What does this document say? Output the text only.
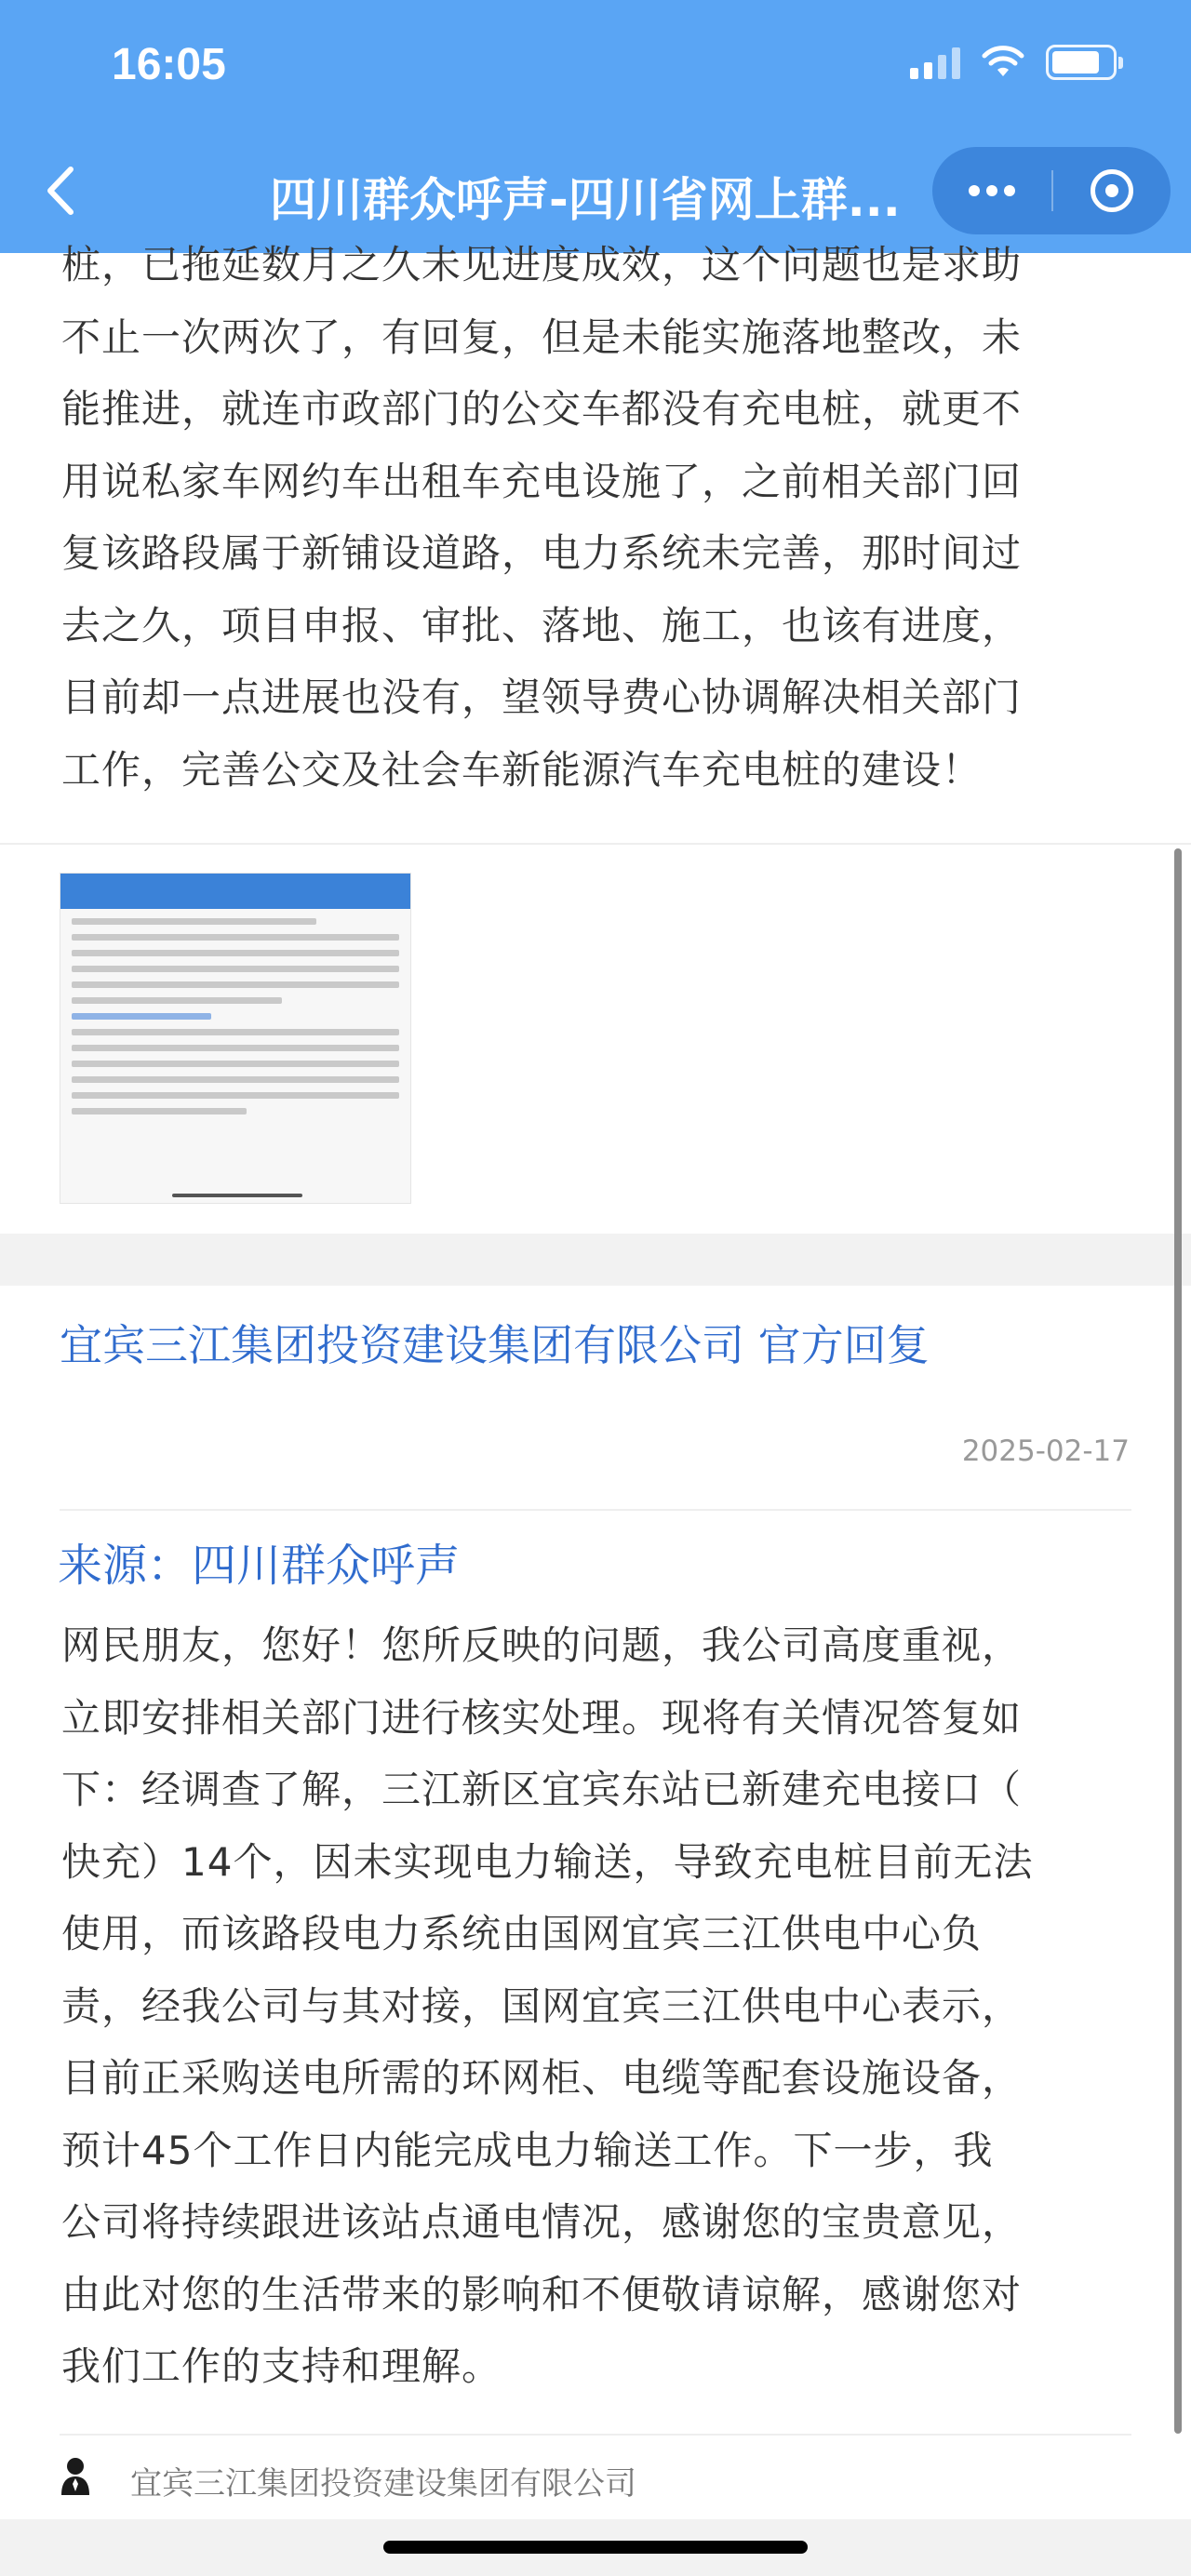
16:05
四川群众呼声-四川省网上群...
桩，已拖延数月之久未见进度成效，这个问题也是求助
不止一次两次了，有回复，但是未能实施落地整改，未
能推进，就连市政部门的公交车都没有充电桩，就更不
用说私家车网约车出租车充电设施了，之前相关部门回
复该路段属于新铺设道路，电力系统未完善，那时间过
去之久，项目申报、审批、落地、施工，也该有进度，
目前却一点进展也没有，望领导费心协调解决相关部门
工作，完善公交及社会车新能源汽车充电桩的建设！
宜宾三江集团投资建设集团有限公司 官方回复
2025-02-17
来源：四川群众呼声
网民朋友，您好！您所反映的问题，我公司高度重视，
立即安排相关部门进行核实处理。现将有关情况答复如
下：经调查了解，三江新区宜宾东站已新建充电接口（
快充）14个，因未实现电力输送，导致充电桩目前无法
使用，而该路段电力系统由国网宜宾三江供电中心负
责，经我公司与其对接，国网宜宾三江供电中心表示，
目前正采购送电所需的环网柜、电缆等配套设施设备，
预计45个工作日内能完成电力输送工作。下一步，我
公司将持续跟进该站点通电情况，感谢您的宝贵意见，
由此对您的生活带来的影响和不便敬请谅解，感谢您对
我们工作的支持和理解。
宜宾三江集团投资建设集团有限公司
